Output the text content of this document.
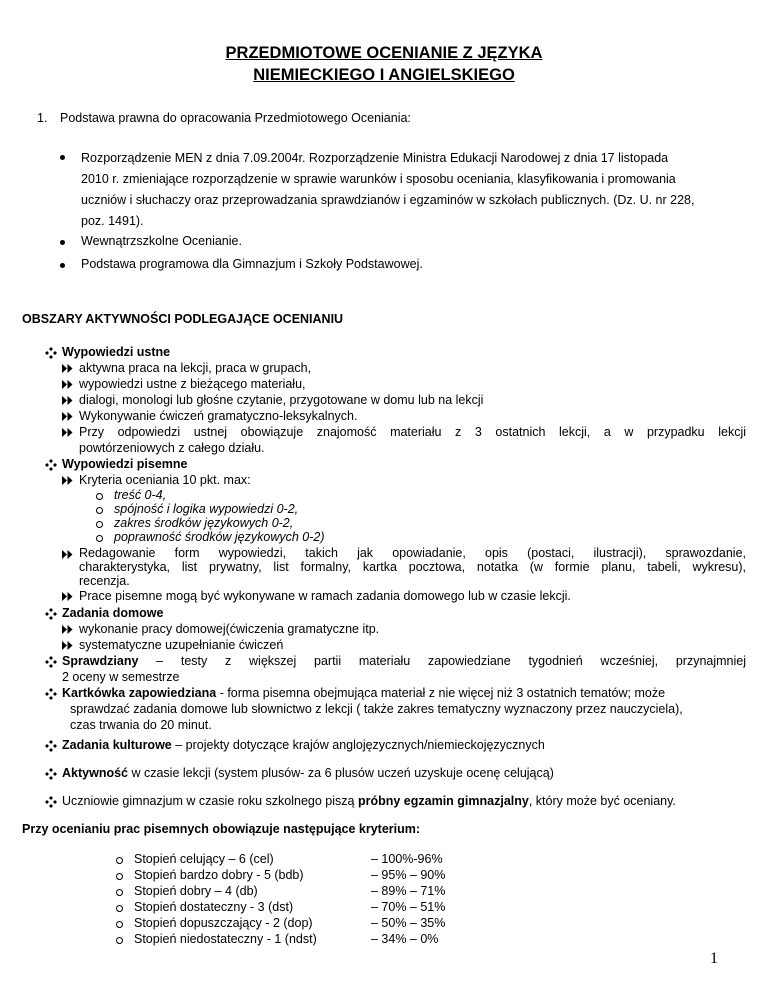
PRZEDMIOTOWE OCENIANIE Z JĘZYKA
NIEMIECKIEGO I ANGIELSKIEGO
1. Podstawa prawna do opracowania Przedmiotowego Oceniania:
Rozporządzenie MEN z dnia 7.09.2004r. Rozporządzenie Ministra Edukacji Narodowej z dnia 17 listopada
2010 r. zmieniające rozporządzenie w sprawie warunków i sposobu oceniania, klasyfikowania i promowania
uczniów i słuchaczy oraz przeprowadzania sprawdzianów i egzaminów w szkołach publicznych. (Dz. U. nr 228,
poz. 1491).
Wewnątrzszkolne Ocenianie.
Podstawa programowa dla Gimnazjum i Szkoły Podstawowej.
OBSZARY AKTYWNOŚCI PODLEGAJĄCE OCENIANIU
Wypowiedzi ustne
aktywna praca na lekcji, praca w grupach,
wypowiedzi ustne z bieżącego materiału,
dialogi, monologi lub głośne czytanie, przygotowane w domu lub na lekcji
Wykonywanie ćwiczeń gramatyczno-leksykalnych.
Przy odpowiedzi ustnej obowiązuje znajomość materiału z 3 ostatnich lekcji, a w przypadku lekcji
powtórzeniowych z całego działu.
Wypowiedzi pisemne
Kryteria oceniania 10 pkt. max:
treść 0-4,
spójność i logika wypowiedzi 0-2,
zakres środków językowych 0-2,
poprawność środków językowych 0-2)
Redagowanie form wypowiedzi, takich jak opowiadanie, opis (postaci, ilustracji), sprawozdanie,
charakterystyka, list prywatny, list formalny, kartka pocztowa, notatka (w formie planu, tabeli, wykresu),
recenzja.
Prace pisemne mogą być wykonywane w ramach zadania domowego lub w czasie lekcji.
Zadania domowe
wykonanie pracy domowej(ćwiczenia gramatyczne itp.
systematyczne uzupełnianie ćwiczeń
Sprawdziany – testy z większej partii materiału zapowiedziane tygodnień wcześniej, przynajmniej
2 oceny w semestrze
Kartkówka zapowiedziana - forma pisemna obejmująca materiał z nie więcej niż 3 ostatnich tematów; może
sprawdzać zadania domowe lub słownictwo z lekcji ( także zakres tematyczny wyznaczony przez nauczyciela),
czas trwania do 20 minut.
Zadania kulturowe – projekty dotyczące krajów anglojęzycznych/niemieckojęzycznych
Aktywność w czasie lekcji (system plusów- za 6 plusów uczeń uzyskuje ocenę celującą)
Uczniowie gimnazjum w czasie roku szkolnego piszą próbny egzamin gimnazjalny, który może być oceniany.
Przy ocenianiu prac pisemnych obowiązuje następujące kryterium:
Stopień celujący – 6 (cel)	– 100%-96%
Stopień bardzo dobry - 5 (bdb)	– 95% – 90%
Stopień dobry – 4 (db)	– 89% – 71%
Stopień dostateczny - 3 (dst)	– 70% – 51%
Stopień dopuszczający - 2 (dop)	– 50% – 35%
Stopień niedostateczny - 1 (ndst)	– 34% – 0%
1
